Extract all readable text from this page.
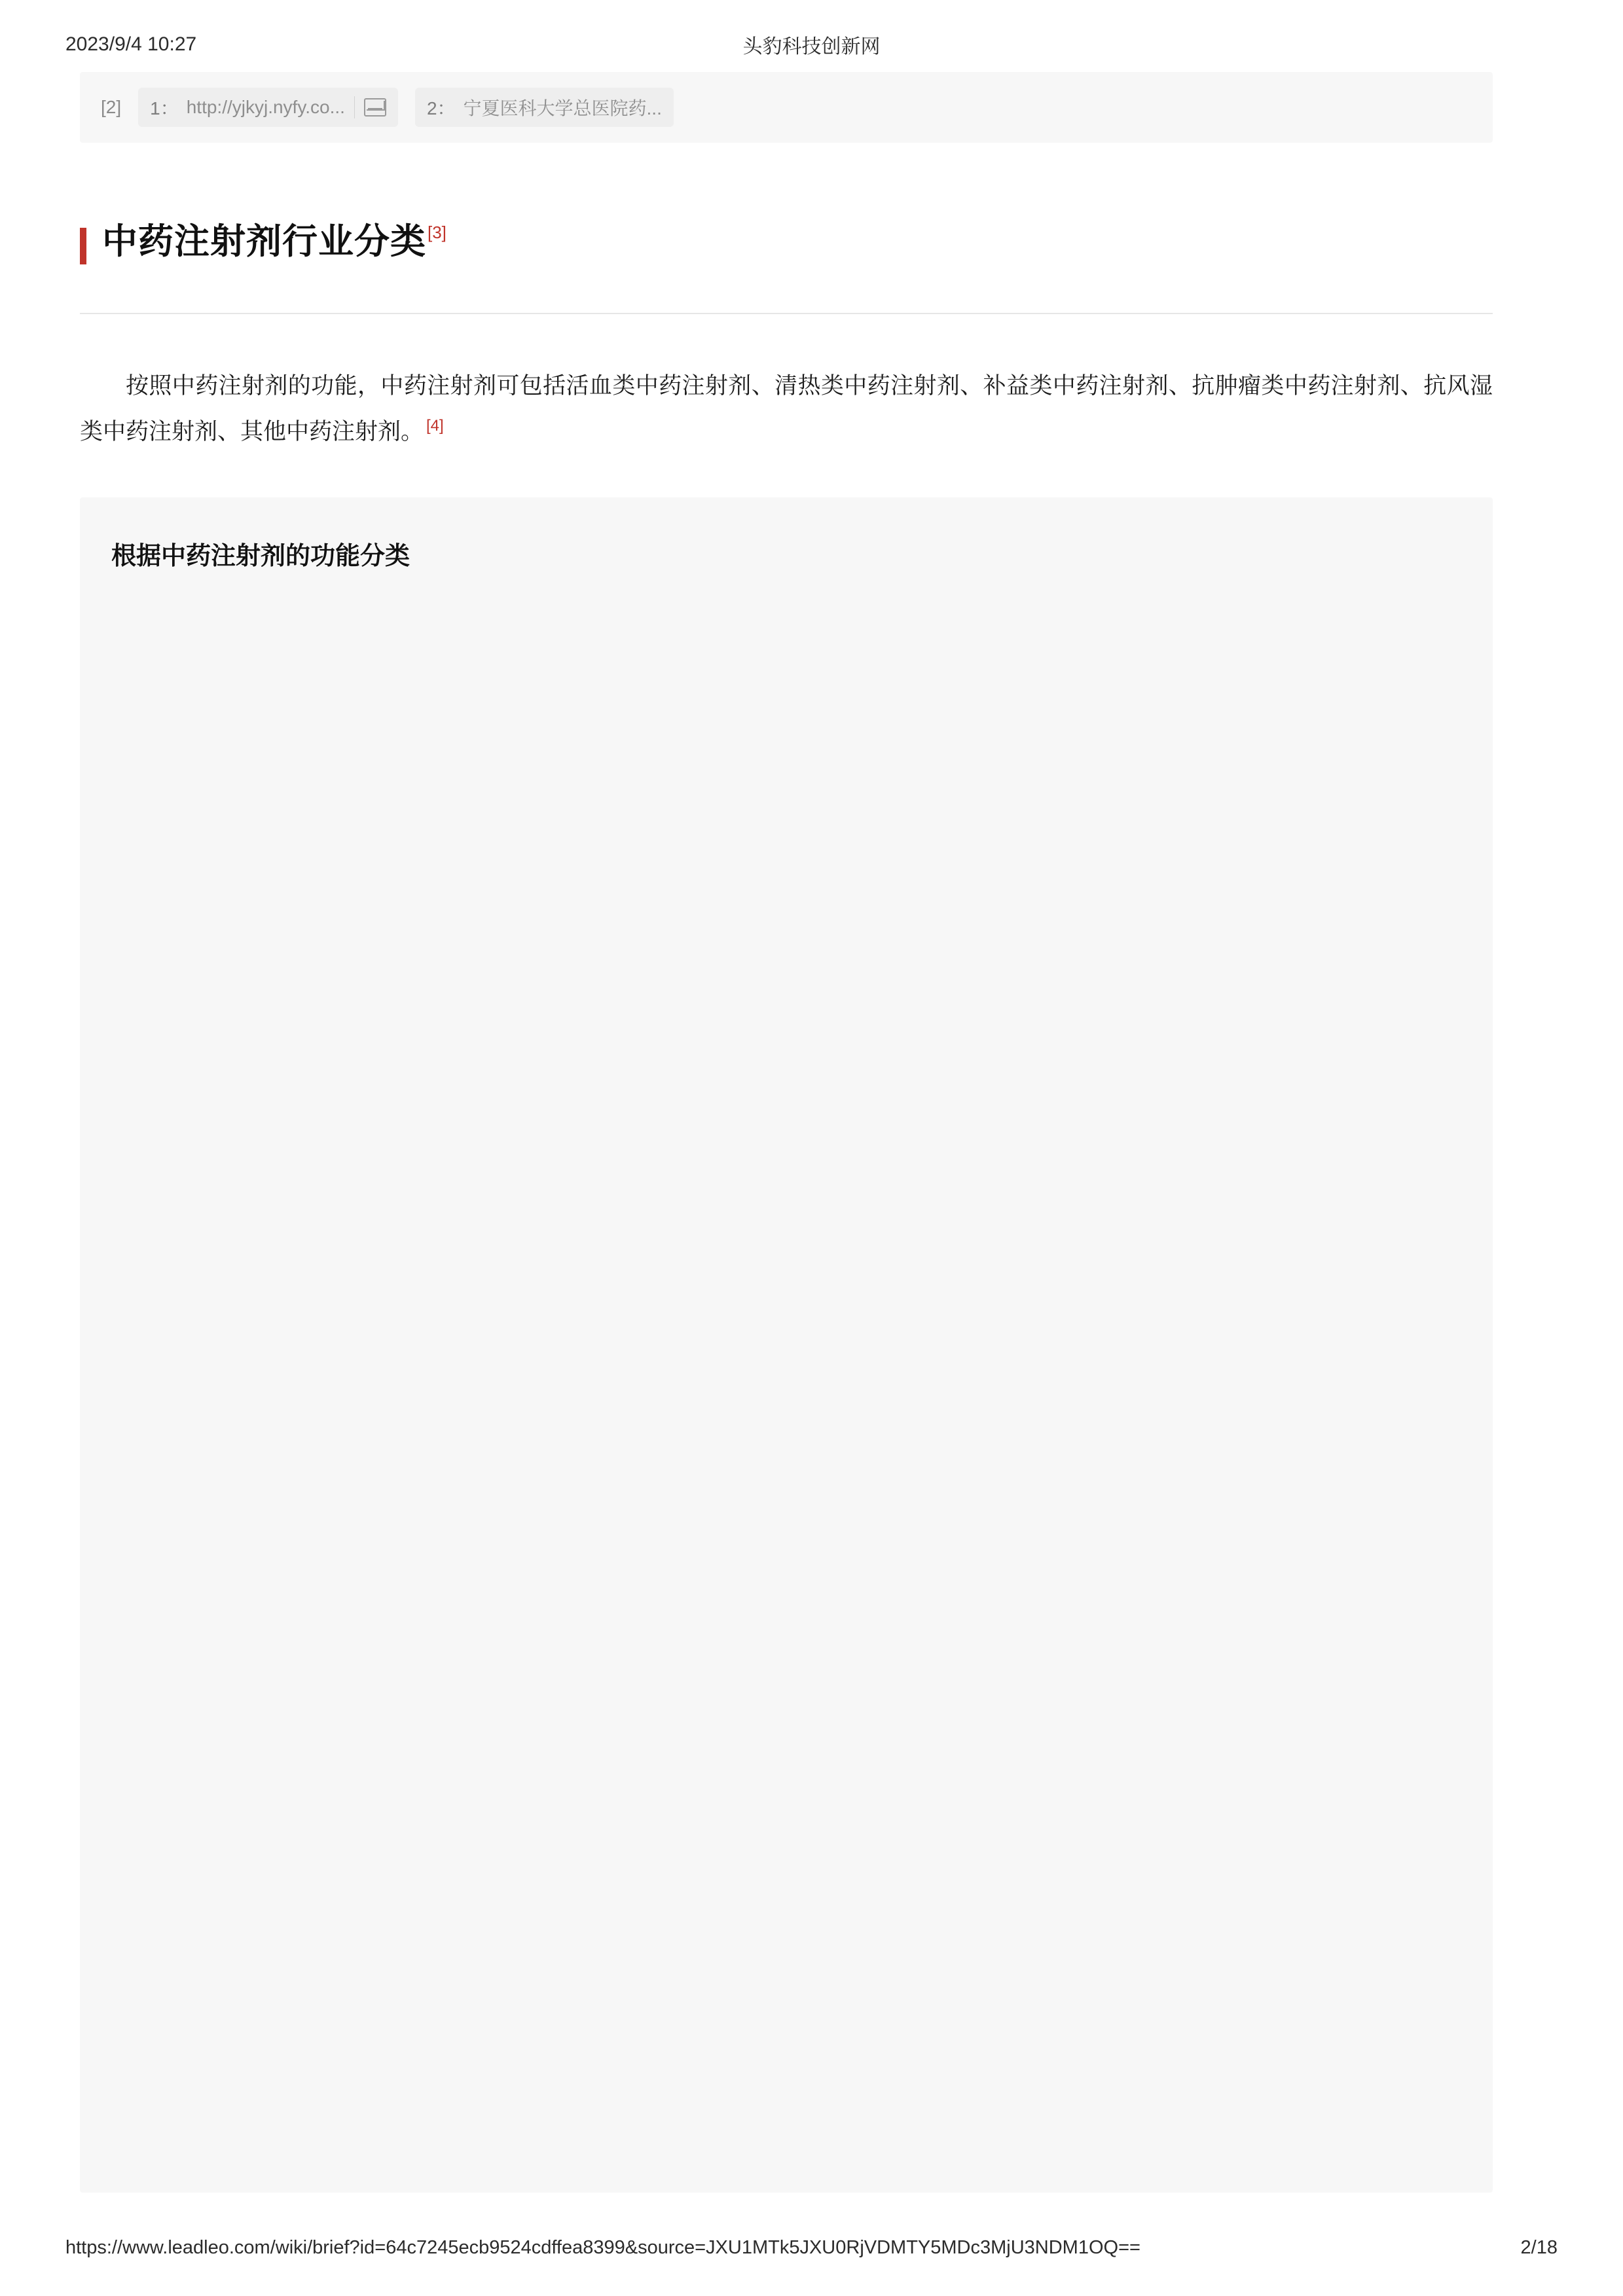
2023/9/4 10:27	头豹科技创新网
[2] 1： http://yjkyj.nyfy.co...	2： 宁夏医科大学总医院药...
中药注射剂行业分类 [3]

按照中药注射剂的功能，中药注射剂可包括活血类中药注射剂、清热类中药注射剂、补益类中药注射剂、抗肿瘤类中药注射剂、抗风湿类中药注射剂、其他中药注射剂。 [4]

根据中药注射剂的功能分类
https://www.leadleo.com/wiki/brief?id=64c7245ecb9524cdffea8399&source=JXU1MTk5JXU0RjVDMTY5MDc3MjU3NDM1OQ==	2/18
